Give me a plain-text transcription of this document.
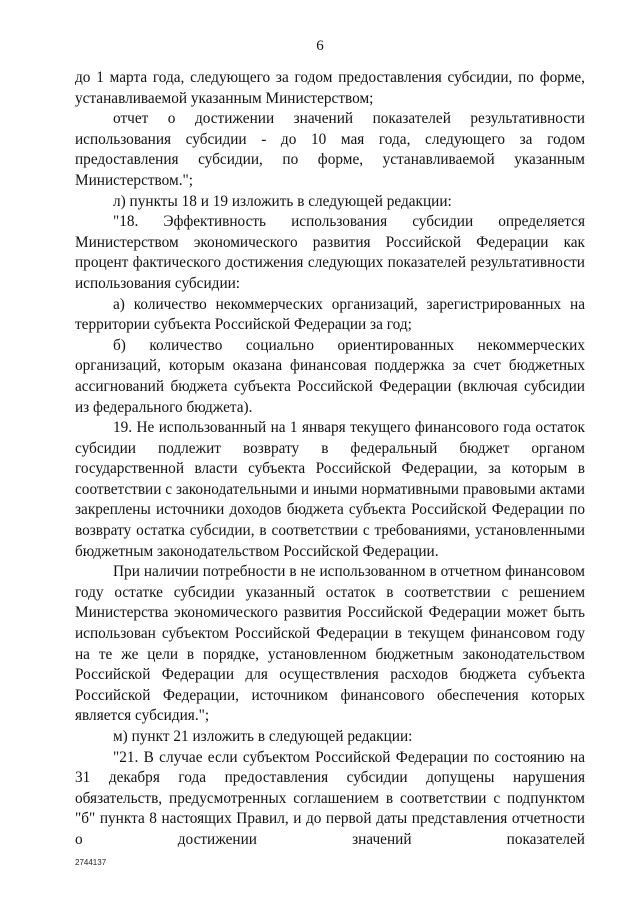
6

до 1 марта года, следующего за годом предоставления субсидии, по форме, устанавливаемой указанным Министерством;

отчет о достижении значений показателей результативности использования субсидии - до 10 мая года, следующего за годом предоставления субсидии, по форме, устанавливаемой указанным Министерством.";

л) пункты 18 и 19 изложить в следующей редакции:

"18. Эффективность использования субсидии определяется Министерством экономического развития Российской Федерации как процент фактического достижения следующих показателей результативности использования субсидии:

а) количество некоммерческих организаций, зарегистрированных на территории субъекта Российской Федерации за год;

б) количество социально ориентированных некоммерческих организаций, которым оказана финансовая поддержка за счет бюджетных ассигнований бюджета субъекта Российской Федерации (включая субсидии из федерального бюджета).

19. Не использованный на 1 января текущего финансового года остаток субсидии подлежит возврату в федеральный бюджет органом государственной власти субъекта Российской Федерации, за которым в соответствии с законодательными и иными нормативными правовыми актами закреплены источники доходов бюджета субъекта Российской Федерации по возврату остатка субсидии, в соответствии с требованиями, установленными бюджетным законодательством Российской Федерации.

При наличии потребности в не использованном в отчетном финансовом году остатке субсидии указанный остаток в соответствии с решением Министерства экономического развития Российской Федерации может быть использован субъектом Российской Федерации в текущем финансовом году на те же цели в порядке, установленном бюджетным законодательством Российской Федерации для осуществления расходов бюджета субъекта Российской Федерации, источником финансового обеспечения которых является субсидия.";

м) пункт 21 изложить в следующей редакции:

"21. В случае если субъектом Российской Федерации по состоянию на 31 декабря года предоставления субсидии допущены нарушения обязательств, предусмотренных соглашением в соответствии с подпунктом "б" пункта 8 настоящих Правил, и до первой даты представления отчетности о достижении значений показателей

2744137
